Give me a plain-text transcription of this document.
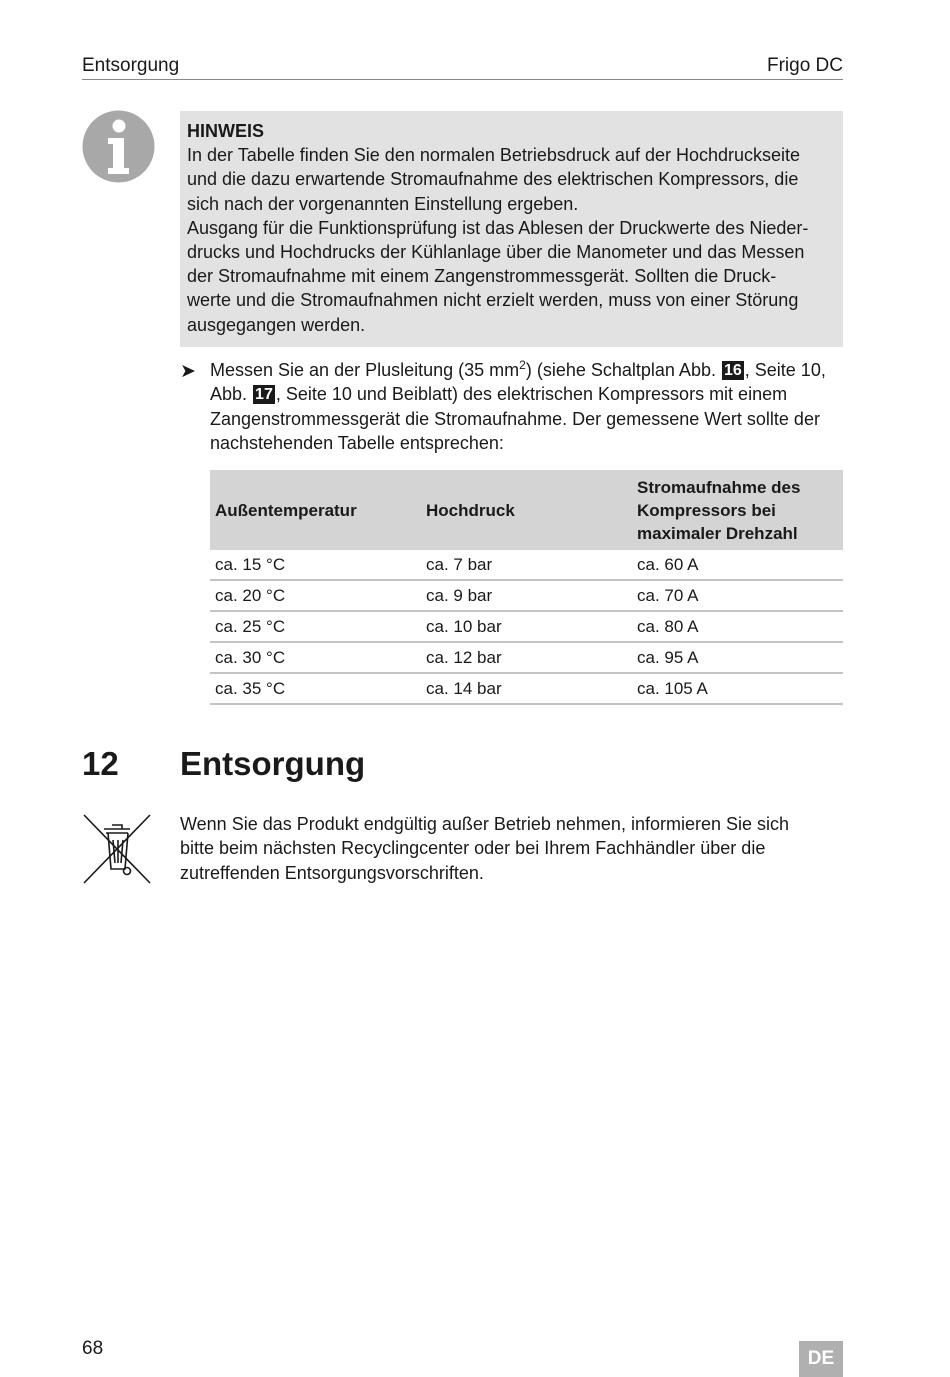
Entsorgung	Frigo DC
HINWEIS
In der Tabelle finden Sie den normalen Betriebsdruck auf der Hochdruckseite
und die dazu erwartende Stromaufnahme des elektrischen Kompressors, die
sich nach der vorgenannten Einstellung ergeben.
Ausgang für die Funktionsprüfung ist das Ablesen der Druckwerte des Nieder-
drucks und Hochdrucks der Kühlanlage über die Manometer und das Messen
der Stromaufnahme mit einem Zangenstrommessgerät. Sollten die Druck-
werte und die Stromaufnahmen nicht erzielt werden, muss von einer Störung
ausgegangen werden.
➤ Messen Sie an der Plusleitung (35 $mm^2$) (siehe Schaltplan Abb. 16 , Seite 10,
Abb. 17 , Seite 10 und Beiblatt) des elektrischen Kompressors mit einem
Zangenstrommessgerät die Stromaufnahme. Der gemessene Wert sollte der
nachstehenden Tabelle entsprechen:
Außentemperatur	Hochdruck	Stromaufnahme des
Kompressors bei
maximaler Drehzahl

ca. 15 °C	ca. 7 bar	ca. 60 A
ca. 20 °C	ca. 9 bar	ca. 70 A
ca. 25 °C	ca. 10 bar	ca. 80 A
ca. 30 °C	ca. 12 bar	ca. 95 A
ca. 35 °C	ca. 14 bar	ca. 105 A
12 Entsorgung
Wenn Sie das Produkt endgültig außer Betrieb nehmen, informieren Sie sich
bitte beim nächsten Recyclingcenter oder bei Ihrem Fachhändler über die
zutreffenden Entsorgungsvorschriften.
68	DE
